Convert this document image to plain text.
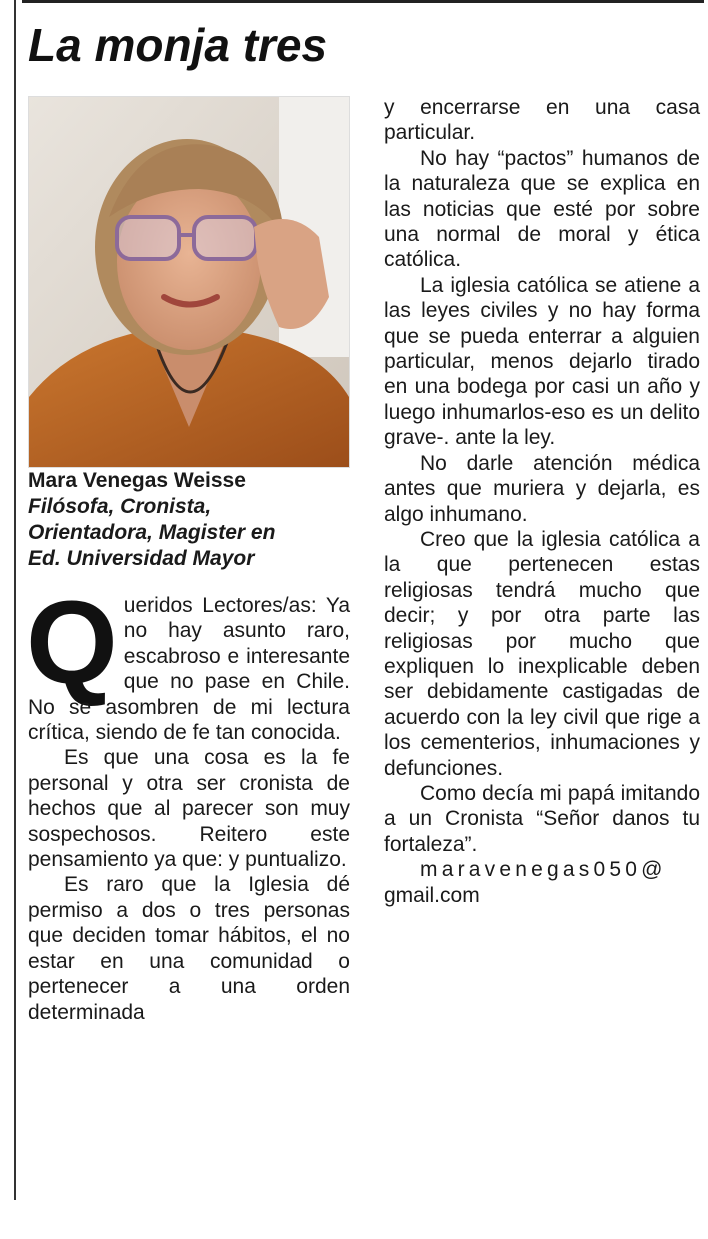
La monja tres

Mara Venegas Weisse

Filósofa, Cronista,
Orientadora, Magister en
Ed. Universidad Mayor

Queridos Lectores/as: Ya no hay asunto raro, escabroso e interesante que no pase en Chile. No se asombren de mi lectura crítica, siendo de fe tan conocida.

Es que una cosa es la fe personal y otra ser cronista de hechos que al parecer son muy sospechosos. Reitero este pensamiento ya que: y puntualizo.

Es raro que la Iglesia dé permiso a dos o tres personas que deciden tomar hábitos, el no estar en una comunidad o pertenecer a una orden determinada

y encerrarse en una casa particular.

No hay “pactos” humanos de la naturaleza que se explica en las noticias que esté por sobre una normal de moral y ética católica.

La iglesia católica se atiene a las leyes civiles y no hay forma que se pueda enterrar a alguien particular, menos dejarlo tirado en una bodega por casi un año y luego inhumarlos-eso es un delito grave-. ante la ley.

No darle atención médica antes que muriera y dejarla, es algo inhumano.

Creo que la iglesia católica a la que pertenecen estas religiosas tendrá mucho que decir; y por otra parte las religiosas por mucho que expliquen lo inexplicable deben ser debidamente castigadas de acuerdo con la ley civil que rige a los cementerios, inhumaciones y defunciones.

Como decía mi papá imitando a un Cronista “Señor danos tu fortaleza”.

maravenegas050@
gmail.com
